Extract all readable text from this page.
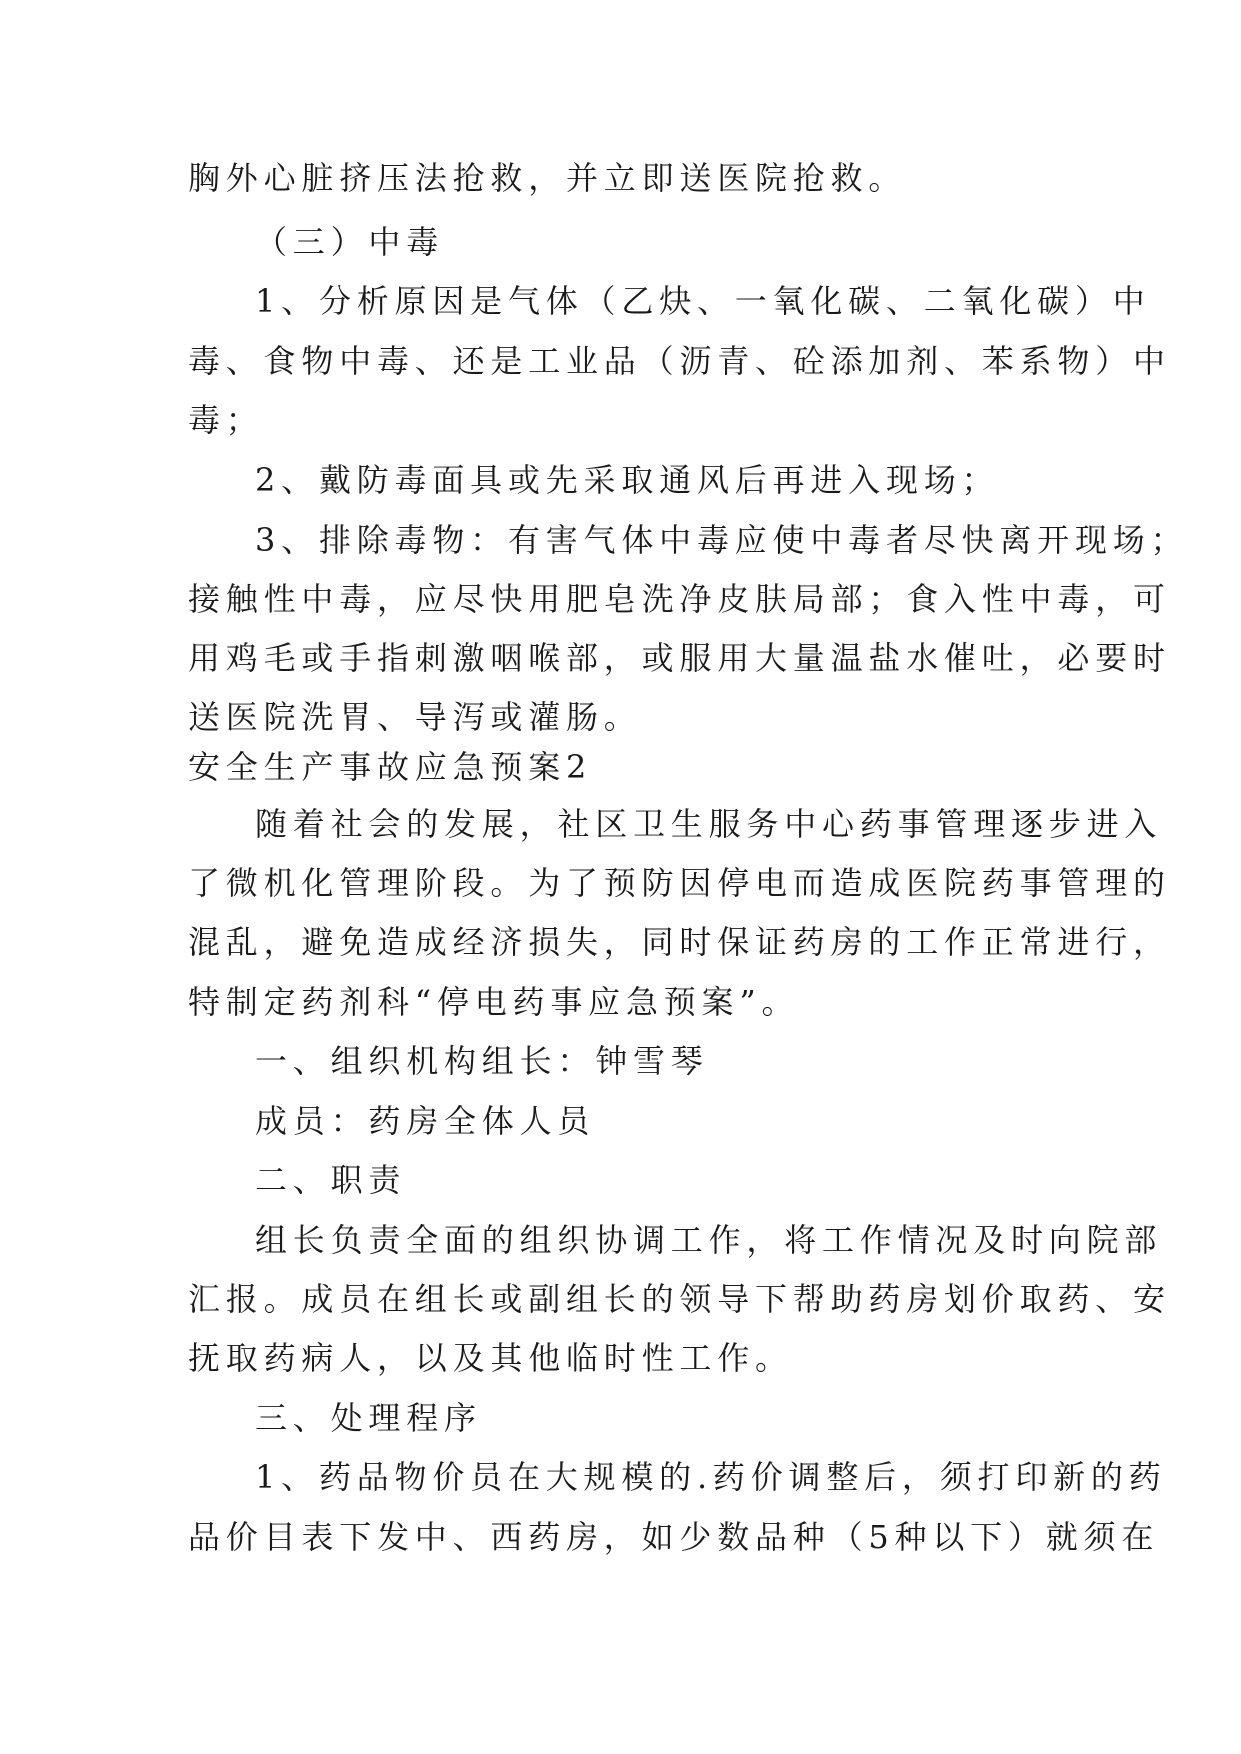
胸外心脏挤压法抢救，并立即送医院抢救。
（三）中毒
1、分析原因是气体（乙炔、一氧化碳、二氧化碳）中
毒、食物中毒、还是工业品（沥青、砼添加剂、苯系物）中
毒；
2、戴防毒面具或先采取通风后再进入现场；
3、排除毒物：有害气体中毒应使中毒者尽快离开现场；
接触性中毒，应尽快用肥皂洗净皮肤局部；食入性中毒，可
用鸡毛或手指刺激咽喉部，或服用大量温盐水催吐，必要时
送医院洗胃、导泻或灌肠。
安全生产事故应急预案2
随着社会的发展，社区卫生服务中心药事管理逐步进入
了微机化管理阶段。为了预防因停电而造成医院药事管理的
混乱，避免造成经济损失，同时保证药房的工作正常进行，
特制定药剂科“停电药事应急预案”。
一、组织机构组长：钟雪琴
成员：药房全体人员
二、职责
组长负责全面的组织协调工作，将工作情况及时向院部
汇报。成员在组长或副组长的领导下帮助药房划价取药、安
抚取药病人，以及其他临时性工作。
三、处理程序
1、药品物价员在大规模的.药价调整后，须打印新的药
品价目表下发中、西药房，如少数品种（5种以下）就须在
